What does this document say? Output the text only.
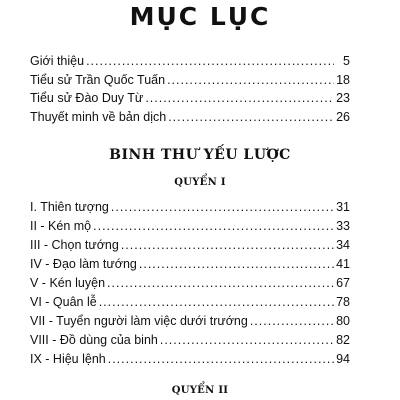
MỤC LỤC
Giới thiệu .....	5
Tiểu sử Trần Quốc Tuấn .....	18
Tiểu sử Đào Duy Từ .....	23
Thuyết minh về bản dịch .....	26
BINH THƯ YẾU LƯỢC
QUYỂN I
I. Thiên tượng .....	31
II - Kén mộ .....	33
III - Chọn tướng .....	34
IV - Đạo làm tướng .....	41
V - Kén luyện .....	67
VI - Quân lễ .....	78
VII - Tuyển người làm việc dưới trướng .....	80
VIII - Đồ dùng của binh .....	82
IX - Hiệu lệnh .....	94
QUYỂN II
